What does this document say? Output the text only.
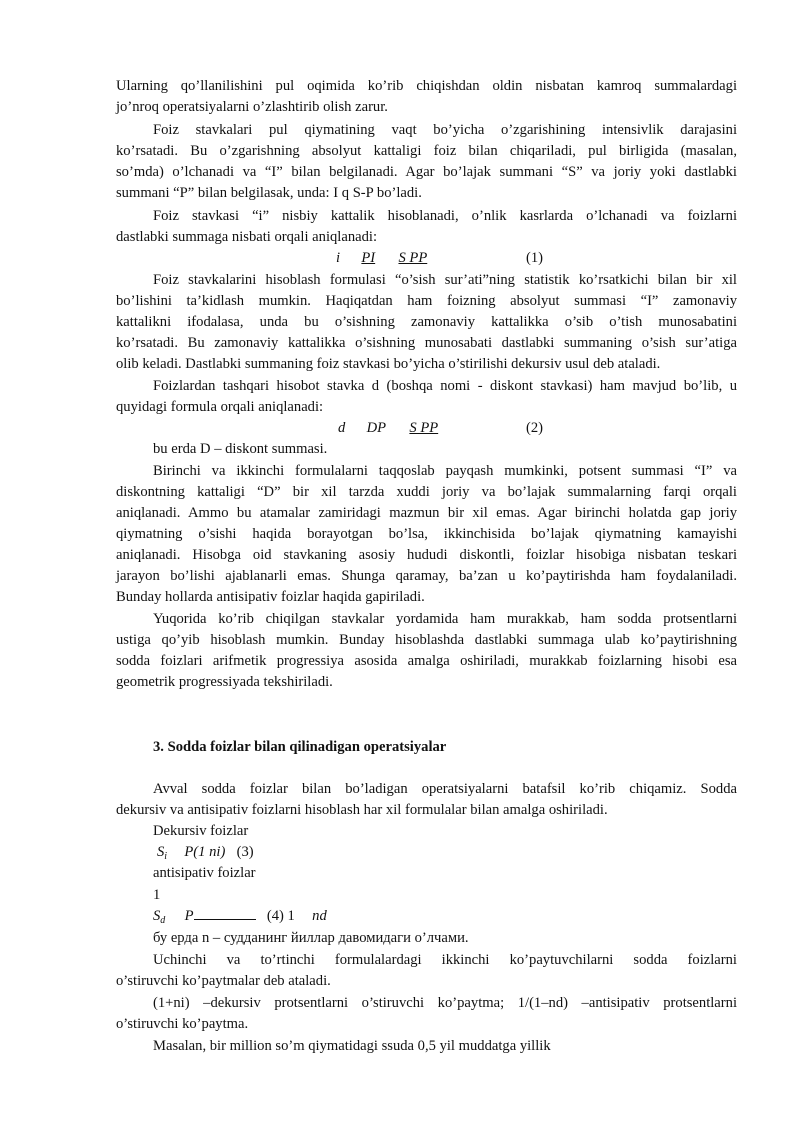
Ularning qo’llanilishini pul oqimida ko’rib chiqishdan oldin nisbatan kamroq summalardagi
jo’nroq operatsiyalarni o’zlashtirib olish zarur.
Foiz stavkalari pul qiymatining vaqt bo’yicha o’zgarishining intensivlik darajasini
ko’rsatadi. Bu o’zgarishning absolyut kattaligi foiz bilan chiqariladi, pul birligida (masalan,
so’mda) o’lchanadi va “I” bilan belgilanadi. Agar bo’lajak summani “S” va joriy yoki dastlabki
summani “P” bilan belgilasak, unda: I q S-P bo’ladi.
Foiz stavkasi “i” nisbiy kattalik hisoblanadi, o’nlik kasrlarda o’lchanadi va foizlarni
dastlabki summaga nisbati orqali aniqlanadi:
i PI S PP	(1)
Foiz stavkalarini hisoblash formulasi “o’sish sur’ati”ning statistik ko’rsatkichi bilan bir xil
bo’lishini ta’kidlash mumkin. Haqiqatdan ham foizning absolyut summasi “I” zamonaviy
kattalikni ifodalasa, unda bu o’sishning zamonaviy kattalikka o’sib o’tish munosabatini
ko’rsatadi. Bu zamonaviy kattalikka o’sishning munosabati dastlabki summaning o’sish sur’atiga
olib keladi. Dastlabki summaning foiz stavkasi bo’yicha o’stirilishi dekursiv usul deb ataladi.
Foizlardan tashqari hisobot stavka d (boshqa nomi - diskont stavkasi) ham mavjud bo’lib, u
quyidagi formula orqali aniqlanadi:
d DP S PP	(2)
bu erda D – diskont summasi.
Birinchi va ikkinchi formulalarni taqqoslab payqash mumkinki, potsent summasi “I” va
diskontning kattaligi “D” bir xil tarzda xuddi joriy va bo’lajak summalarning farqi orqali
aniqlanadi. Ammo bu atamalar zamiridagi mazmun bir xil emas. Agar birinchi holatda gap joriy
qiymatning o’sishi haqida borayotgan bo’lsa, ikkinchisida bo’lajak qiymatning kamayishi
aniqlanadi. Hisobga oid stavkaning asosiy hududi diskontli, foizlar hisobiga nisbatan teskari
jarayon bo’lishi ajablanarli emas. Shunga qaramay, ba’zan u ko’paytirishda ham foydalaniladi.
Bunday hollarda antisipativ foizlar haqida gapiriladi.
Yuqorida ko’rib chiqilgan stavkalar yordamida ham murakkab, ham sodda protsentlarni
ustiga qo’yib hisoblash mumkin. Bunday hisoblashda dastlabki summaga ulab ko’paytirishning
sodda foizlari arifmetik progressiya asosida amalga oshiriladi, murakkab foizlarning hisobi esa
geometrik progressiyada tekshiriladi.
3. Sodda foizlar bilan qilinadigan operatsiyalar
Avval sodda foizlar bilan bo’ladigan operatsiyalarni batafsil ko’rib chiqamiz. Sodda
dekursiv va antisipativ foizlarni hisoblash har xil formulalar bilan amalga oshiriladi.
Dekursiv foizlar
$S_i$ P(1 ni) (3)
antisipativ foizlar
1
$S_d$ P	(4) 1 nd
бу ерда n – судданинг йиллар давомидаги о’лчами.
Uchinchi va to’rtinchi formulalardagi ikkinchi ko’paytuvchilarni sodda foizlarni
o’stiruvchi ko’paytmalar deb ataladi.
(1+ni) –dekursiv protsentlarni o’stiruvchi ko’paytma; 1/(1–nd) –antisipativ protsentlarni
o’stiruvchi ko’paytma.
Masalan, bir million so’m qiymatidagi ssuda 0,5 yil muddatga yillik
